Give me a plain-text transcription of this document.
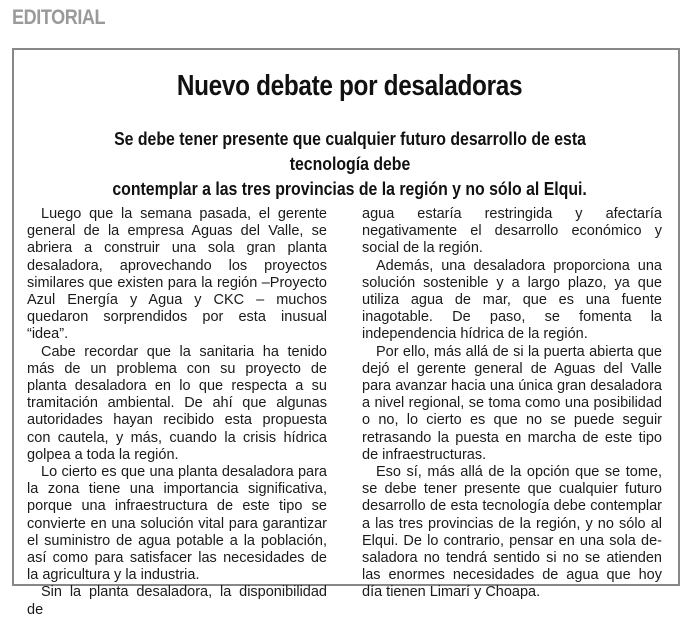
EDITORIAL
Nuevo debate por desaladoras
Se debe tener presente que cualquier futuro desarrollo de esta tecnología debe
contemplar a las tres provincias de la región y no sólo al Elqui.

Luego que la semana pasada, el gerente general de la empresa Aguas del Valle, se abriera a construir una sola gran planta desaladora, aprovechando los proyectos similares que existen para la región –Proyecto Azul Energía y Agua y CKC – muchos quedaron sorprendidos por esta inusual “idea”.

Cabe recordar que la sanitaria ha tenido más de un problema con su proyecto de planta desaladora en lo que respecta a su tramitación ambiental. De ahí que algunas autoridades hayan recibido esta propuesta con cautela, y más, cuando la crisis hídrica golpea a toda la región.

Lo cierto es que una planta desaladora para la zona tiene una importancia significativa, porque una infraestructura de este tipo se convierte en una solución vital para garantizar el suministro de agua potable a la población, así como para satisfacer las necesidades de la agricultura y la industria.

Sin la planta desaladora, la disponibilidad de

agua estaría restringida y afectaría negativamente el desarrollo económico y social de la región.

Además, una desaladora proporciona una solución sostenible y a largo plazo, ya que utiliza agua de mar, que es una fuente inagotable. De paso, se fomenta la independencia hídrica de la región.

Por ello, más allá de si la puerta abierta que dejó el gerente general de Aguas del Valle para avanzar hacia una única gran desaladora a nivel regional, se toma como una posibilidad o no, lo cierto es que no se puede seguir retrasando la puesta en marcha de este tipo de infraestructuras.

Eso sí, más allá de la opción que se tome, se debe tener presente que cualquier futuro desarrollo de esta tecnología debe contemplar a las tres provincias de la región, y no sólo al Elqui. De lo contrario, pensar en una sola desaladora no tendrá sentido si no se atienden las enormes necesidades de agua que hoy día tienen Limarí y Choapa.
